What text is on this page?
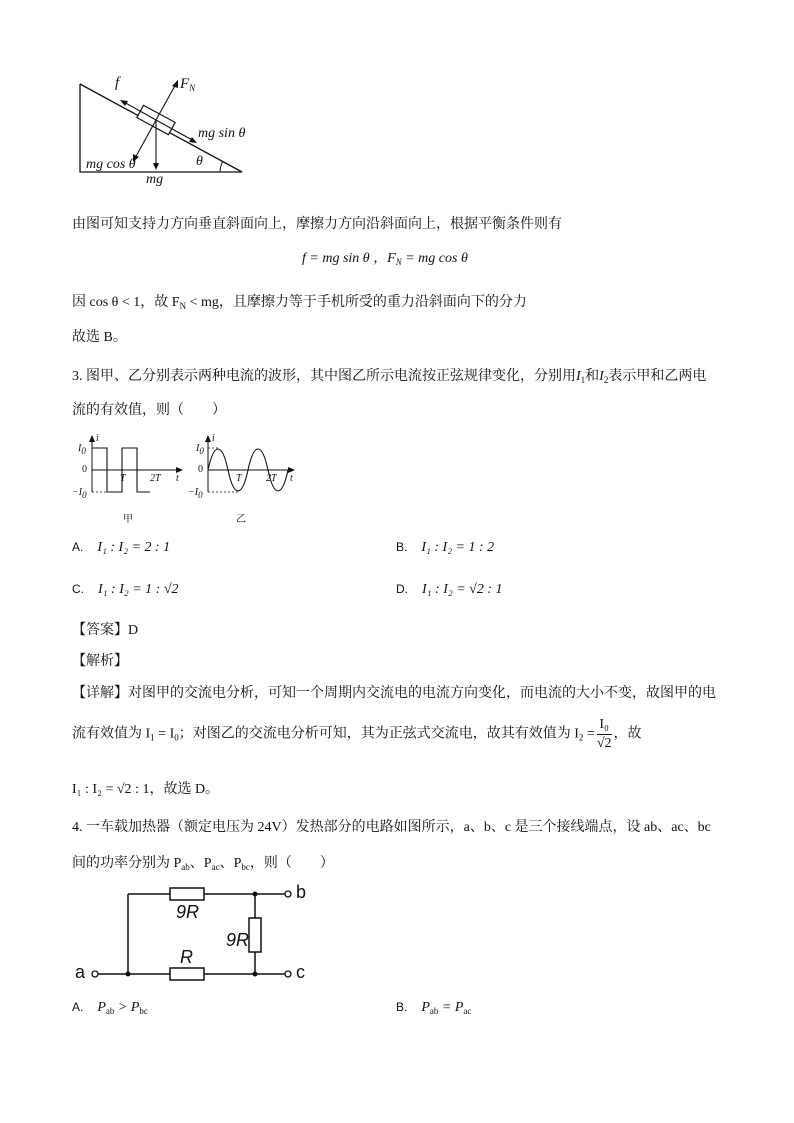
f	$F_N$
mg sin θ
mg cos θ
mg
θ
由图可知支持力方向垂直斜面向上，摩擦力方向沿斜面向上，根据平衡条件则有
f = mg sin θ ，$F_N$ = mg cos θ
因 cos θ < 1，故 $F_N$ < mg，且摩擦力等于手机所受的重力沿斜面向下的分力
故选 B。
3. 图甲、乙分别表示两种电流的波形，其中图乙所示电流按正弦规律变化，分别用$I_1$和$I_2$表示甲和乙两电
流的有效值，则（　　）
i
$I_0$
0
$-I_0$
T 2T t
甲
i
$I_0$
0
$-I_0$
T 2T t
乙
A. I₁ : I₂ = 2 : 1	B. I₁ : I₂ = 1 : 2
C. I₁ : I₂ = 1 : √2	D. I₁ : I₂ = √2 : 1
【答案】D
【解析】
【详解】对图甲的交流电分析，可知一个周期内交流电的电流方向变化，而电流的大小不变，故图甲的电
流有效值为 $I_1 = I_0$；对图乙的交流电分析可知，其为正弦式交流电，故其有效值为 $I_2 = \frac{\text{I₀}}{√2}$ ，故
I₁ : I₂ = √2 : 1，故选 D。
4. 一车载加热器（额定电压为 24V）发热部分的电路如图所示，a、b、c 是三个接线端点，设 ab、ac、bc
间的功率分别为 $P_{ab}$、$P_{ac}$、$P_{bc}$，则（　　）
9R
9R
R
a
b
c
A. $P_{ab} > P_{bc}$	B. $P_{ab} = P_{ac}$
